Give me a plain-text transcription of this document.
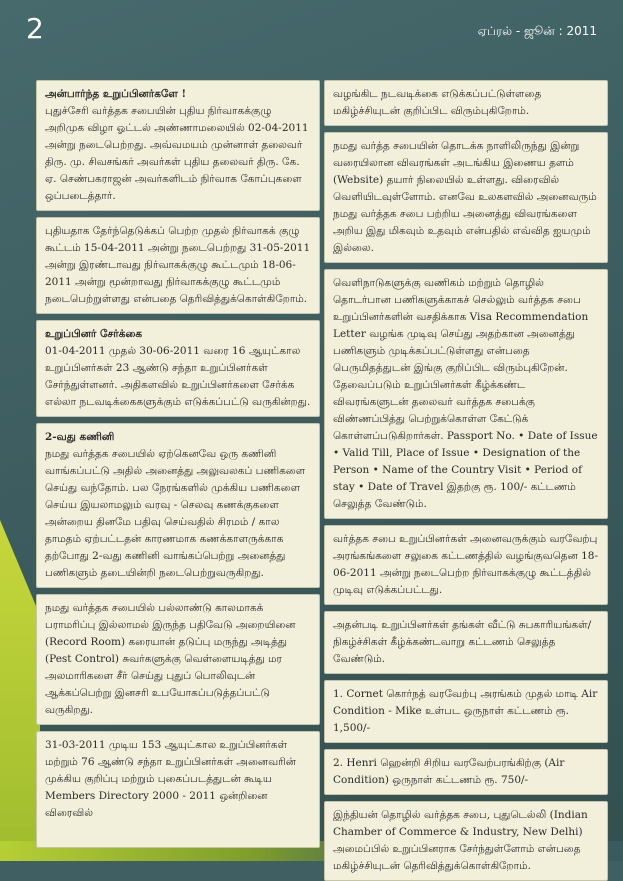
2	ஏப்ரல் - ஜூன் : 2011
அன்பார்ந்த உறுப்பினர்களே !
புதுச்சேரி வர்த்தக சபையின் புதிய நிர்வாகக்குழு அறிமுக விழா ஓட்டல் அண்ணாமலையில் 02-04-2011 அன்று நடைபெற்றது. அவ்வமயம் முன்னாள் தலைவர் திரு. மு. சிவசங்கர் அவர்கள் புதிய தலைவர் திரு. கே. ஏ. செண்பகராஜன் அவர்களிடம் நிர்வாக கோப்புகளை ஒப்படைத்தார்.
புதியதாக தேர்ந்தெடுக்கப் பெற்ற முதல் நிர்வாகக் குழு கூட்டம் 15-04-2011 அன்று நடைபெற்றது 31-05-2011 அன்று இரண்டாவது நிர்வாகக்குழு கூட்டமும் 18-06-2011 அன்று மூன்றாவது நிர்வாகக்குழு கூட்டமும் நடைபெற்றுள்ளது என்பதை தெரிவித்துக்கொள்கிறோம்.
உறுப்பினர் சேர்க்கை
01-04-2011 முதல் 30-06-2011 வரை 16 ஆயுட்கால உறுப்பினர்கள் 23 ஆண்டு சந்தா உறுப்பினர்கள் சேர்ந்துள்ளனர். அதிகளவில் உறுப்பினர்களை சேர்க்க எல்லா நடவடிக்கைகளுக்கும் எடுக்கப்பட்டு வருகின்றது.
2-வது கணினி
நமது வர்த்தக சபையில் ஏற்கெனவே ஒரு கணினி வாங்கப்பட்டு அதில் அனைத்து அலுவலகப் பணிகளை செய்து வந்தோம். பல நேரங்களில் முக்கிய பணிகளை செய்ய இயலாமலும் வரவு - செலவு கணக்குகளை அன்றைய தினமே பதிவு செய்வதில் சிரமம் / கால தாமதம் ஏற்பட்டதன் காரணமாக கணக்காளருக்காக தற்போது 2-வது கணினி வாங்கப்பெற்று அனைத்து பணிகளும் தடையின்றி நடைபெற்றுவருகிறது.
நமது வர்த்தக சபையில் பல்லாண்டு காலமாகக் பராமரிப்பு இல்லாமல் இருந்த பதிவேடு அறையினை (Record Room) கரையான் தடுப்பு மருந்து அடித்து (Pest Control) சுவர்களுக்கு வெள்ளையடித்து மர அலமாரிகளை சீர் செய்து புதுப் பொலிவுடன் ஆக்கப்பெற்று இனசரி உபயோகப்படுத்தப்பட்டு வருகிறது.
31-03-2011 முடிய 153 ஆயுட்கால உறுப்பினர்கள் மற்றும் 76 ஆண்டு சந்தா உறுப்பினர்கள் அனைவரின் முக்கிய குறிப்பு மற்றும் புகைப்படத்துடன் கூடிய Members Directory 2000 - 2011 ஒன்றினை விரைவில்
வழங்கிட நடவடிக்கை எடுக்கப்பட்டுள்ளதை மகிழ்ச்சியுடன் குறிப்பிட விரும்புகிறோம்.
நமது வர்த்த சபையின் தொடக்க நாளிலிருந்து இன்று வரையிலான விவரங்கள் அடங்கிய இணைய தளம் (Website) தயார் நிலையில் உள்ளது. விரைவில் வெளியிடவுள்ளோம். எனவே உலகளவில் அனைவரும் நமது வர்த்தக சபை பற்றிய அனைத்து விவரங்களை அறிய இது மிகவும் உதவும் என்பதில் எவ்வித ஐயமும் இல்லை.
வெளிநாடுகளுக்கு வணிகம் மற்றும் தொழில் தொடர்பான பணிகளுக்காகச் செல்லும் வர்த்தக சபை உறுப்பினர்களின் வசதிக்காக Visa Recommendation Letter வழங்க முடிவு செய்து அதற்கான அனைத்து பணிகளும் முடிக்கப்பட்டுள்ளது என்பதை பெருமிதத்துடன் இங்கு குறிப்பிட விரும்புகிறேன். தேவைப்படும் உறுப்பினர்கள் கீழ்க்கண்ட விவரங்களுடன் தலைவர் வர்த்தக சபைக்கு விண்ணப்பித்து பெற்றுக்கொள்ள கேட்டுக் கொள்ளப்படுகிறார்கள். Passport No. • Date of Issue • Valid Till, Place of Issue • Designation of the Person • Name of the Country Visit • Period of stay • Date of Travel இதற்கு ரூ. 100/- கட்டணம் செலுத்த வேண்டும்.
வர்த்தக சபை உறுப்பினர்கள் அனைவருக்கும் வரவேற்பு அரங்கங்களை சலுகை கட்டணத்தில் வழங்குவதென 18-06-2011 அன்று நடைபெற்ற நிர்வாகக்குழு கூட்டத்தில் முடிவு எடுக்கப்பட்டது.
அதன்படி உறுப்பினர்கள் தங்கள் வீட்டு சுபகாரியங்கள்/ நிகழ்ச்சிகள் கீழ்க்கண்டவாறு கட்டணம் செலுத்த வேண்டும்.
1. Cornet கொர்நத் வரவேற்பு அரங்கம் முதல் மாடி Air Condition - Mike உள்பட ஒருநாள் கட்டணம் ரூ. 1,500/-
2. Henri ஹென்றி சிறிய வரவேற்பரங்கிற்கு (Air Condition) ஒருநாள் கட்டணம் ரூ. 750/-
இந்தியன் தொழில் வர்த்தக சபை, புதுடெல்லி (Indian Chamber of Commerce & Industry, New Delhi) அமைப்பில் உறுப்பினராக சேர்ந்துள்ளோம் என்பதை மகிழ்ச்சியுடன் தெரிவித்துக்கொள்கிறோம்.
